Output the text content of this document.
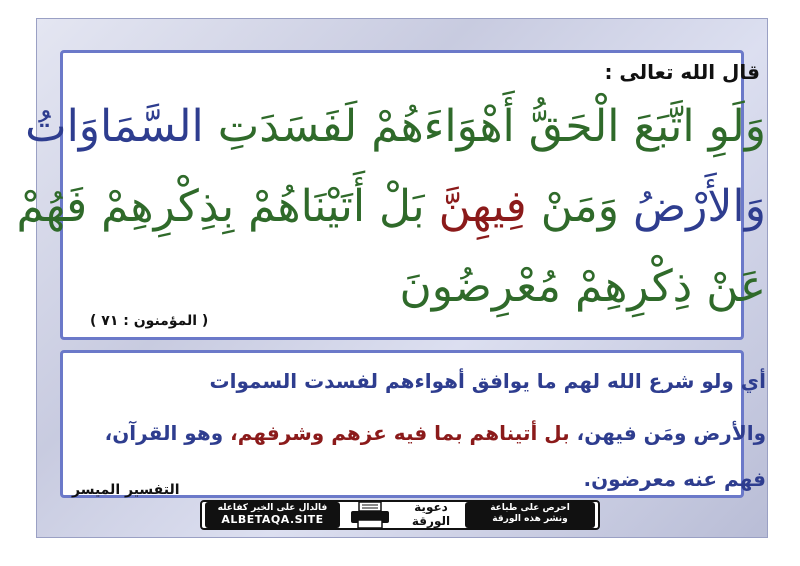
قال الله تعالى :
وَلَوِ اتَّبَعَ الْحَقُّ أَهْوَاءَهُمْ لَفَسَدَتِ السَّمَاوَاتُ
وَالأَرْضُ وَمَنْ فِيهِنَّ بَلْ أَتَيْنَاهُمْ بِذِكْرِهِمْ فَهُمْ
عَنْ ذِكْرِهِمْ مُعْرِضُونَ
( المؤمنون : ٧١ )
أي ولو شرع الله لهم ما يوافق أهواءهم لفسدت السموات
والأرض ومَن فيهن، بل أتيناهم بما فيه عزهم وشرفهم، وهو القرآن،
فهم عنه معرضون.
التفسير الميسر
فالدال على الخير كفاعله
ALBETAQA.SITE
دعوية
الورقة
احرص على طباعة
ونشر هذه الورقة
